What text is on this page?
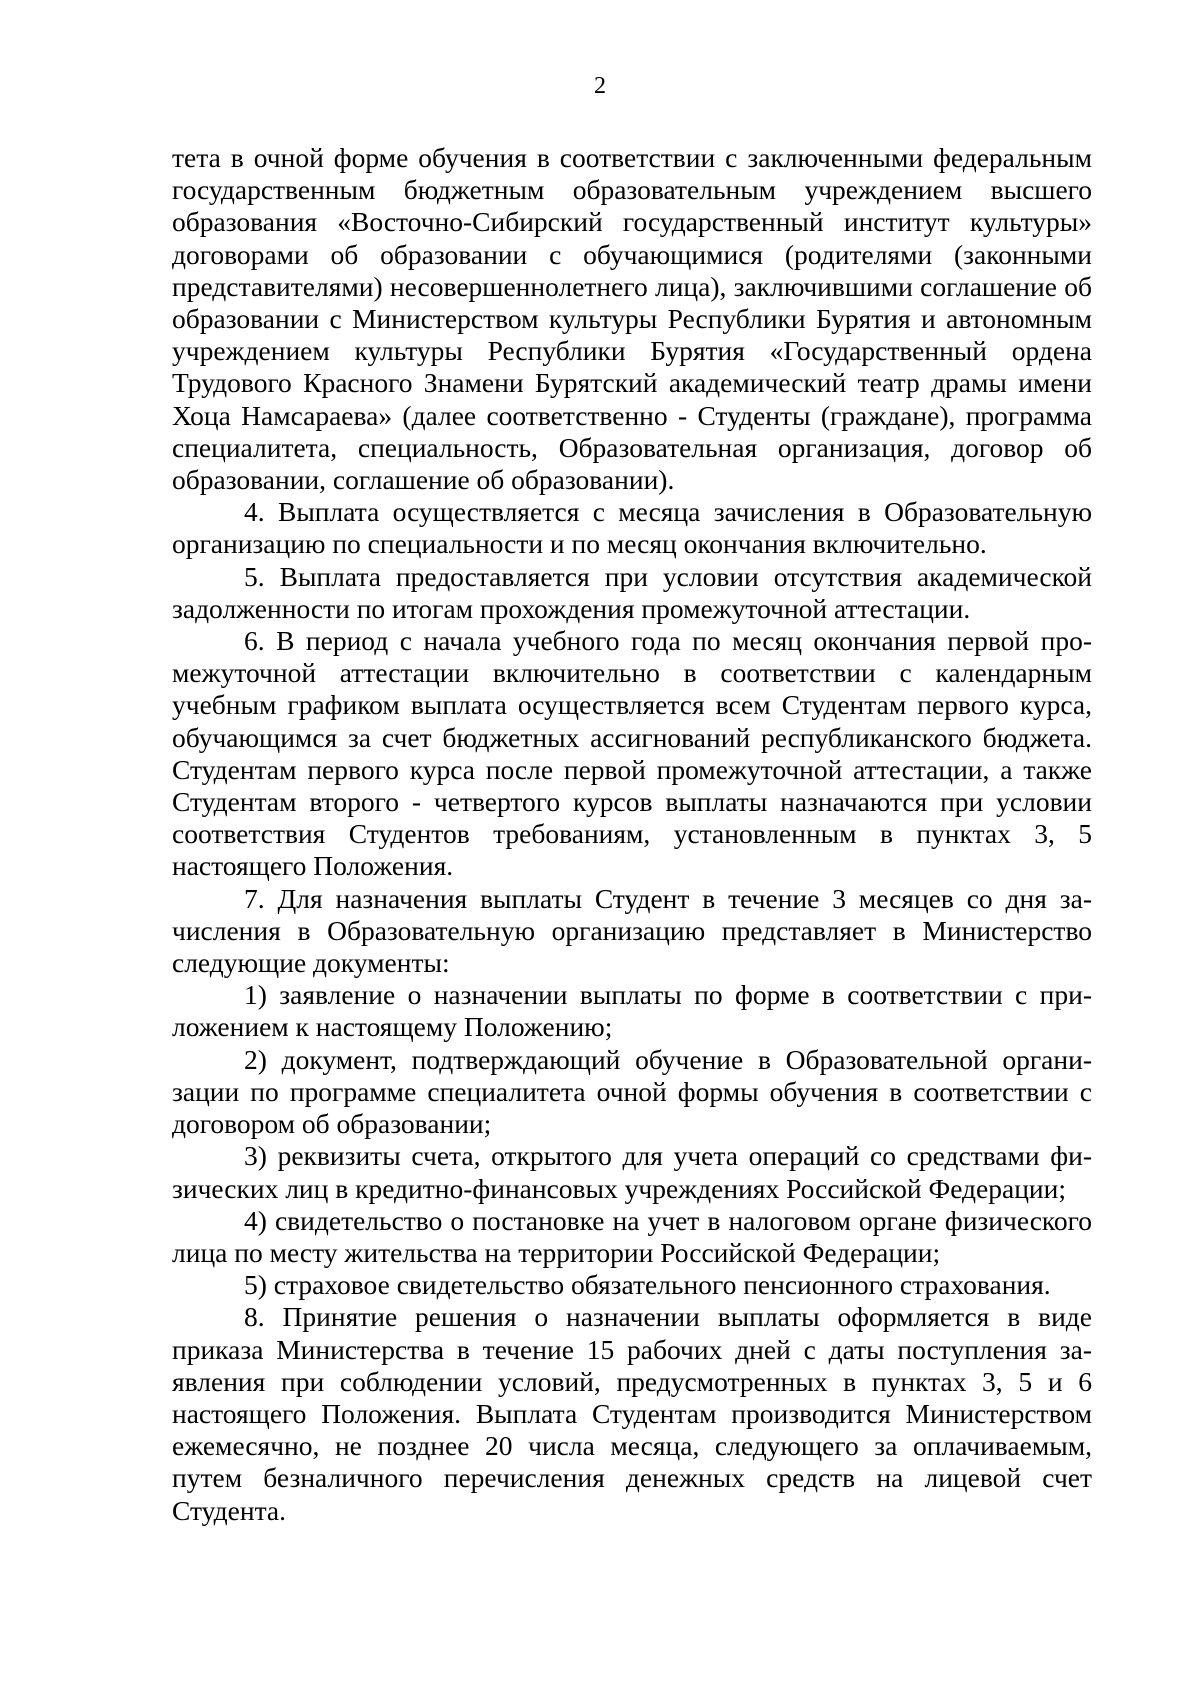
2

тета в очной форме обучения в соответствии с заключенными федеральным государственным бюджетным образовательным учреждением высшего образования «Восточно-Сибирский государственный институт культуры» договорами об образовании с обучающимися (родителями (законными представителями) несовершеннолетнего лица), заключившими соглашение об образовании с Министерством культуры Республики Бурятия и автономным учреждением культуры Республики Бурятия «Государственный ордена Трудового Красного Знамени Бурятский академический театр драмы имени Хоца Намсараева» (далее соответственно - Студенты (граждане), программа специалитета, специальность, Образовательная организация, договор об образовании, соглашение об образовании).

4. Выплата осуществляется с месяца зачисления в Образовательную организацию по специальности и по месяц окончания включительно.

5. Выплата предоставляется при условии отсутствия академической задолженности по итогам прохождения промежуточной аттестации.

6. В период с начала учебного года по месяц окончания первой промежуточной аттестации включительно в соответствии с календарным учебным графиком выплата осуществляется всем Студентам первого курса, обучающимся за счет бюджетных ассигнований республиканского бюджета. Студентам первого курса после первой промежуточной аттестации, а также Студентам второго - четвертого курсов выплаты назначаются при условии соответствия Студентов требованиям, установленным в пунктах 3, 5 настоящего Положения.

7. Для назначения выплаты Студент в течение 3 месяцев со дня зачисления в Образовательную организацию представляет в Министерство следующие документы:

1) заявление о назначении выплаты по форме в соответствии с приложением к настоящему Положению;

2) документ, подтверждающий обучение в Образовательной организации по программе специалитета очной формы обучения в соответствии с договором об образовании;

3) реквизиты счета, открытого для учета операций со средствами физических лиц в кредитно-финансовых учреждениях Российской Федерации;

4) свидетельство о постановке на учет в налоговом органе физического лица по месту жительства на территории Российской Федерации;

5) страховое свидетельство обязательного пенсионного страхования.

8. Принятие решения о назначении выплаты оформляется в виде приказа Министерства в течение 15 рабочих дней с даты поступления заявления при соблюдении условий, предусмотренных в пунктах 3, 5 и 6 настоящего Положения. Выплата Студентам производится Министерством ежемесячно, не позднее 20 числа месяца, следующего за оплачиваемым, путем безналичного перечисления денежных средств на лицевой счет Студента.
